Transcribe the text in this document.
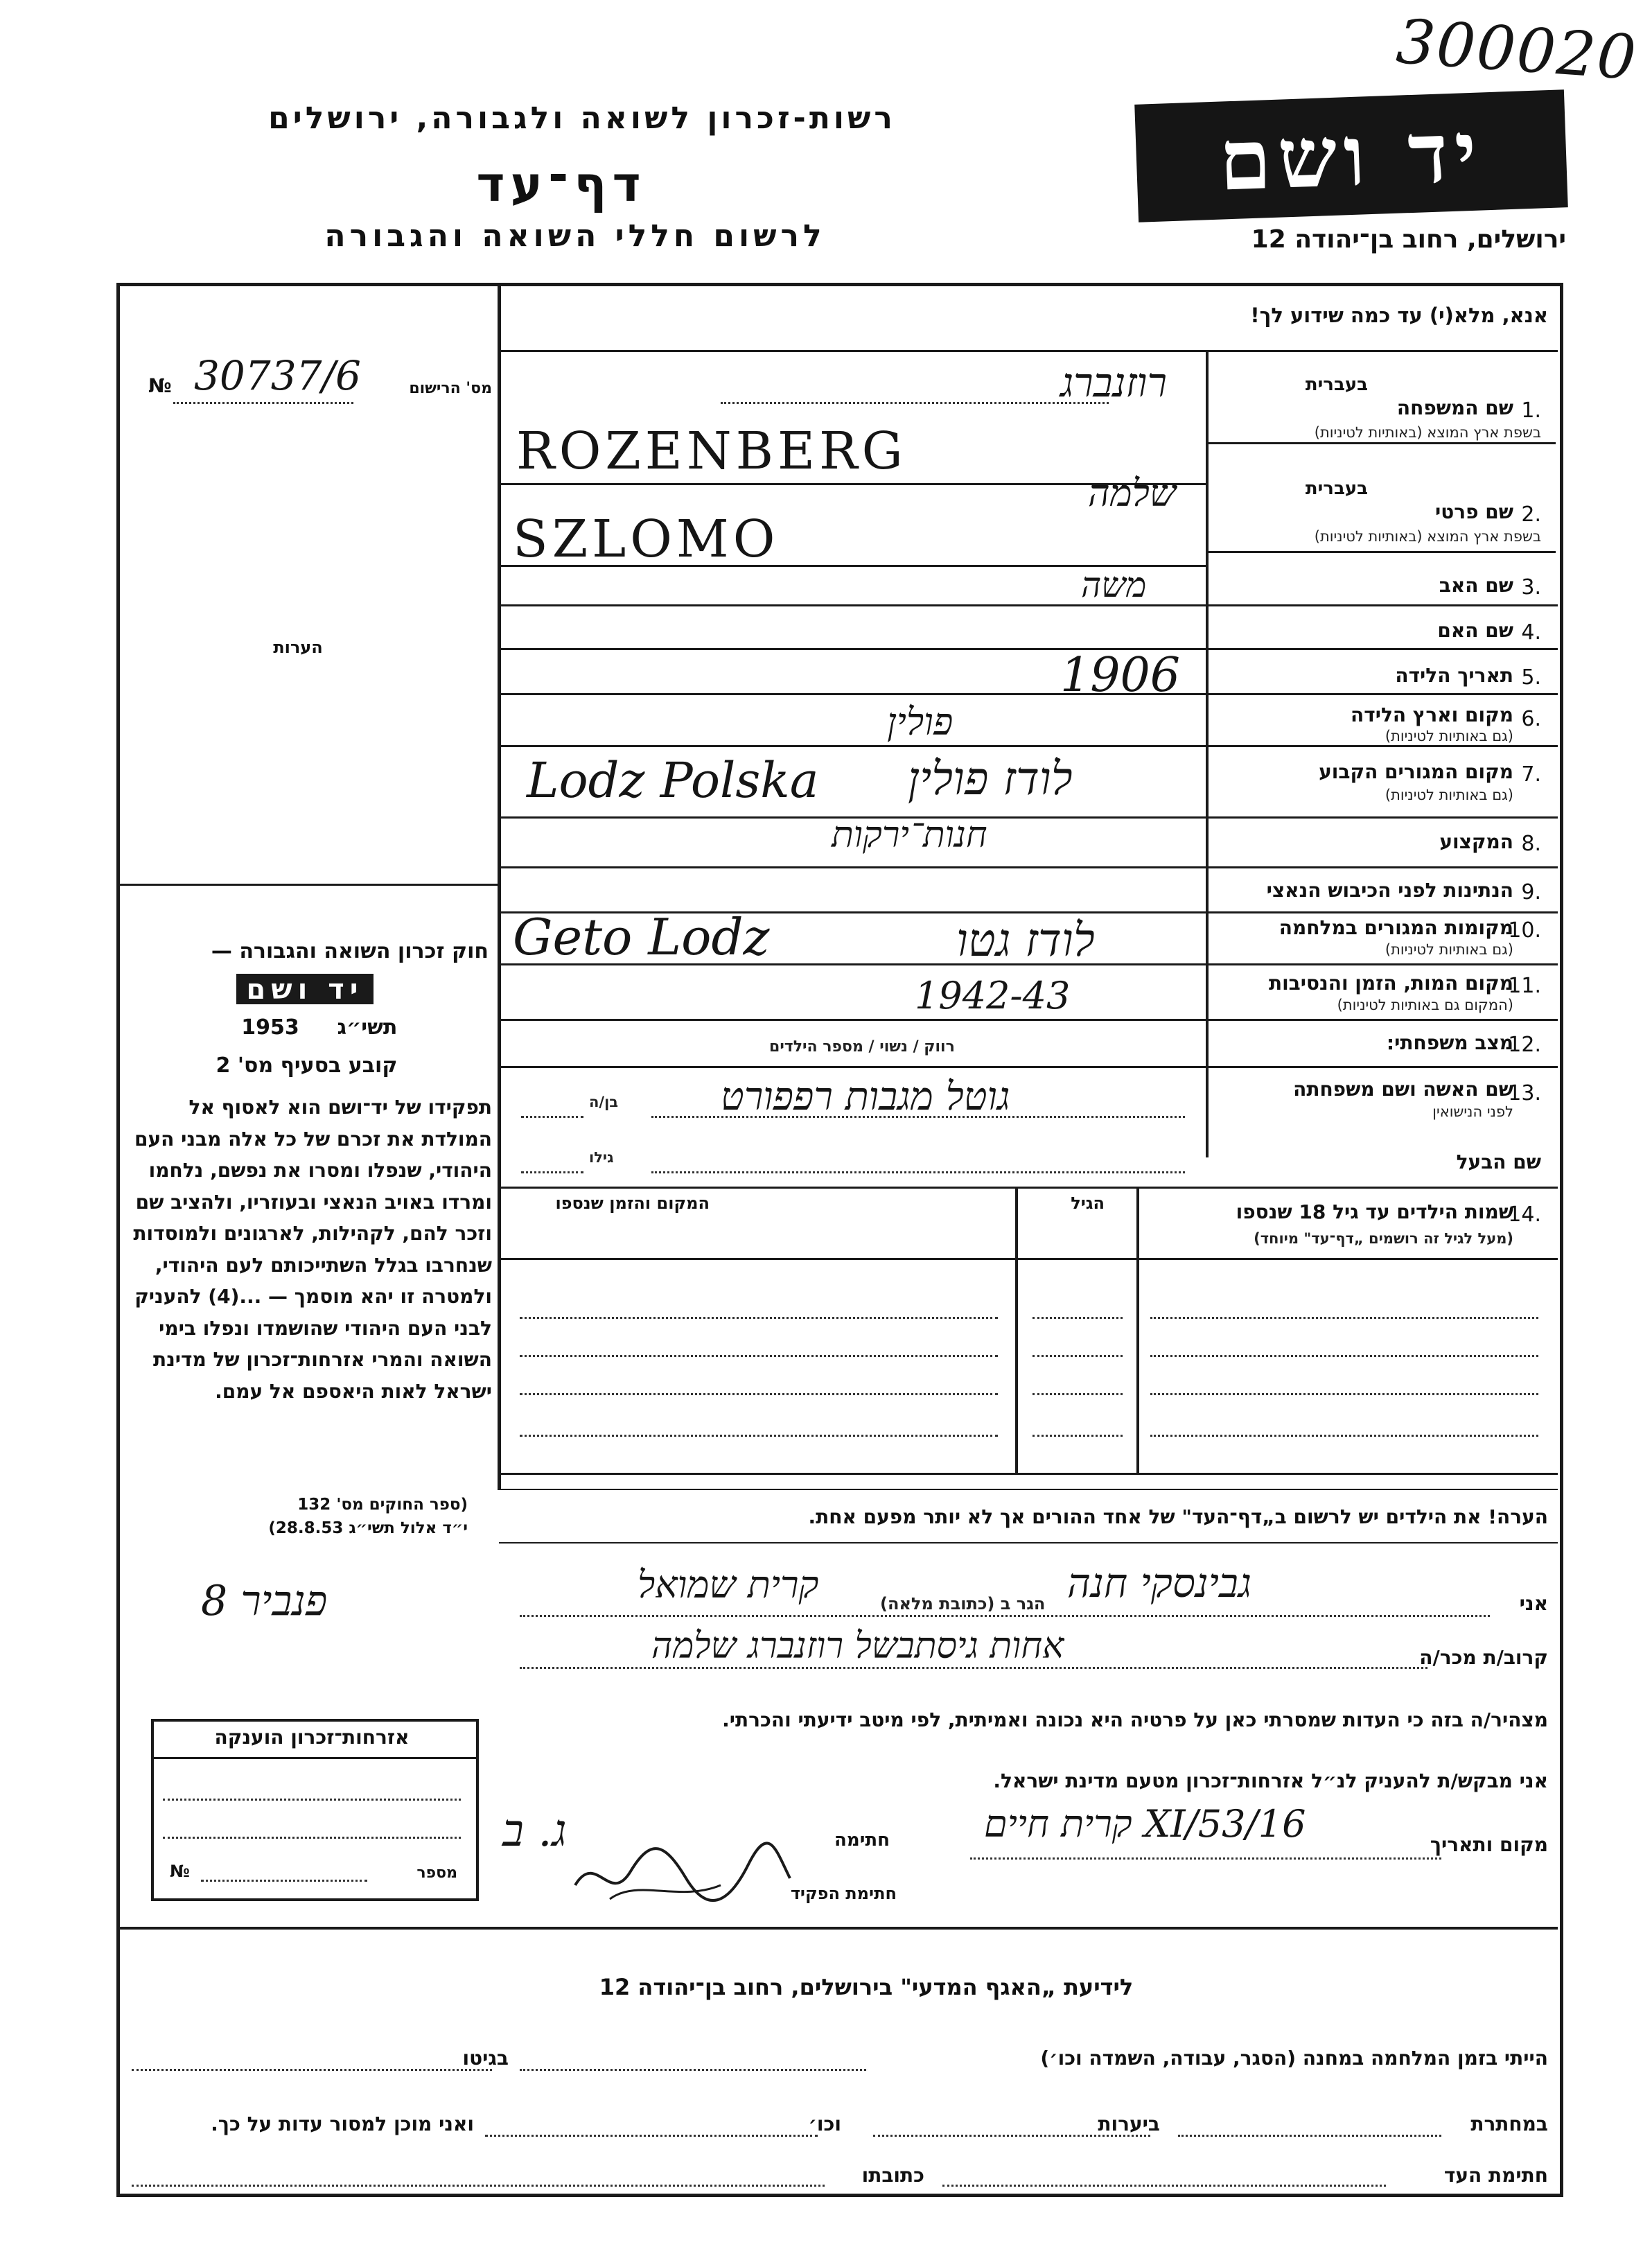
300020
רשות-זכרון לשואה ולגבורה, ירושלים
דף־עד
לרשום חללי השואה והגבורה
יד ושם
ירושלים, רחוב בן־יהודה 12
אנא, מלא(י) עד כמה שידוע לך!
מס' הרישום
№ 30737/6
הערות
חוק זכרון השואה והגבורה —
יד ושם
תשי״ג
1953
קובע בסעיף מס' 2
תפקידו של יד־ושם הוא לאסוף אל המולדת את זכרם של כל אלה מבני העם היהודי, שנפלו ומסרו את נפשם, נלחמו ומרדו באויב הנאצי ובעוזריו, ולהציב שם וזכר להם, לקהילות, לארגונים ולמוסדות שנחרבו בגלל השתייכותם לעם היהודי, ולמטרה זו יהא מוסמך — ...(4) להעניק לבני העם היהודי שהושמדו ונפלו בימי השואה והמרי אזרחות־זכרון של מדינת ישראל לאות היאספם אל עמם.
(ספר החוקים מס' 132
י״ד אלול תשי״ג 28.8.53)
1.
שם המשפחה
בשפת ארץ המוצא (באותיות לטיניות)
בעברית
רוזנברג
ROZENBERG
2.
שם פרטי
בשפת ארץ המוצא (באותיות לטיניות)
בעברית
שלמה
SZLOMO
3.
שם האב
משה
4.
שם האם
5.
תאריך הלידה
1906
6.
מקום וארץ הלידה
(גם באותיות לטיניות)
פולין
7.
מקום המגורים הקבוע
(גם באותיות לטיניות)
Lodz Polska לודז פולין
8.
המקצוע
חנות־ירקות
9.
הנתינות לפני הכיבוש הנאצי
10.
מקומות המגורים במלחמה
(גם באותיות לטיניות)
Geto Lodz	לודז גטו
11.
מקום המות, הזמן והנסיבות
(המקום גם באותיות לטיניות)
1942-43
12.
מצב משפחתי:
רווק / נשוי / מספר הילדים
13.
שם האשה ושם משפחתה
לפני הנישואין
בן/ה	גוטל מגבות רפפורט
שם הבעל
גילו
14.
שמות הילדים עד גיל 18 שנספו
(מעל לגיל זה רושמים „דף־עד" מיוחד)
הגיל
המקום והזמן שנספו
הערה! את הילדים יש לרשום ב„דף־העד" של אחד ההורים אך לא יותר מפעם אחת.
אני
גבינסקי חנה
הגר ב (כתובת מלאה)
קרית שמואל
קרוב/ת מכר/ה
אחות גיסתבשל רוזנברג שלמה
מצהיר/ה בזה כי העדות שמסרתי כאן על פרטיה היא נכונה ואמיתית, לפי מיטב ידיעתי והכרתי.
אני מבקש/ת להעניק לנ״ל אזרחות־זכרון מטעם מדינת ישראל.
מקום ותאריך
16/XI/53 קרית חיים
חתימה
ג. ב
חתימת הפקיד
פנביר 8
אזרחות־זכרון הוענקה
מספר
№
לידיעת „האגף המדעי" בירושלים, רחוב בן־יהודה 12
הייתי בזמן המלחמה במחנה (הסגר, עבודה, השמדה וכו׳)
בגיטו
במחתרת
ביערות
וכו׳
ואני מוכן למסור עדות על כך.
חתימת העד
כתובתו
